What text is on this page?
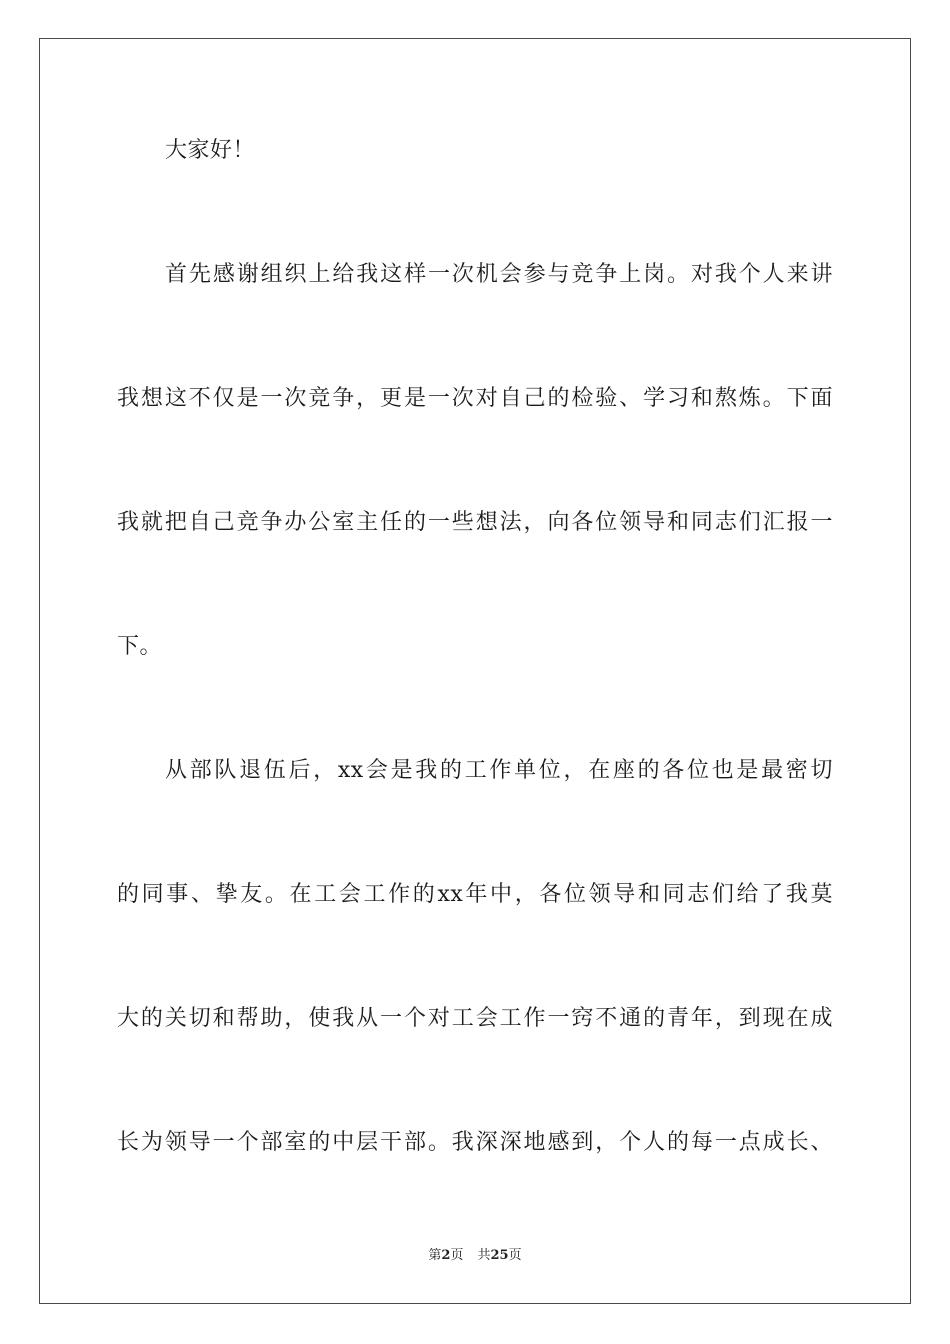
大家好！
首先感谢组织上给我这样一次机会参与竞争上岗。对我个人来讲
我想这不仅是一次竞争，更是一次对自己的检验、学习和熬炼。下面
我就把自己竞争办公室主任的一些想法，向各位领导和同志们汇报一
下。
从部队退伍后，xx会是我的工作单位，在座的各位也是最密切
的同事、挚友。在工会工作的xx年中，各位领导和同志们给了我莫
大的关切和帮助，使我从一个对工会工作一窍不通的青年，到现在成
长为领导一个部室的中层干部。我深深地感到，个人的每一点成长、
第2页 共25页
